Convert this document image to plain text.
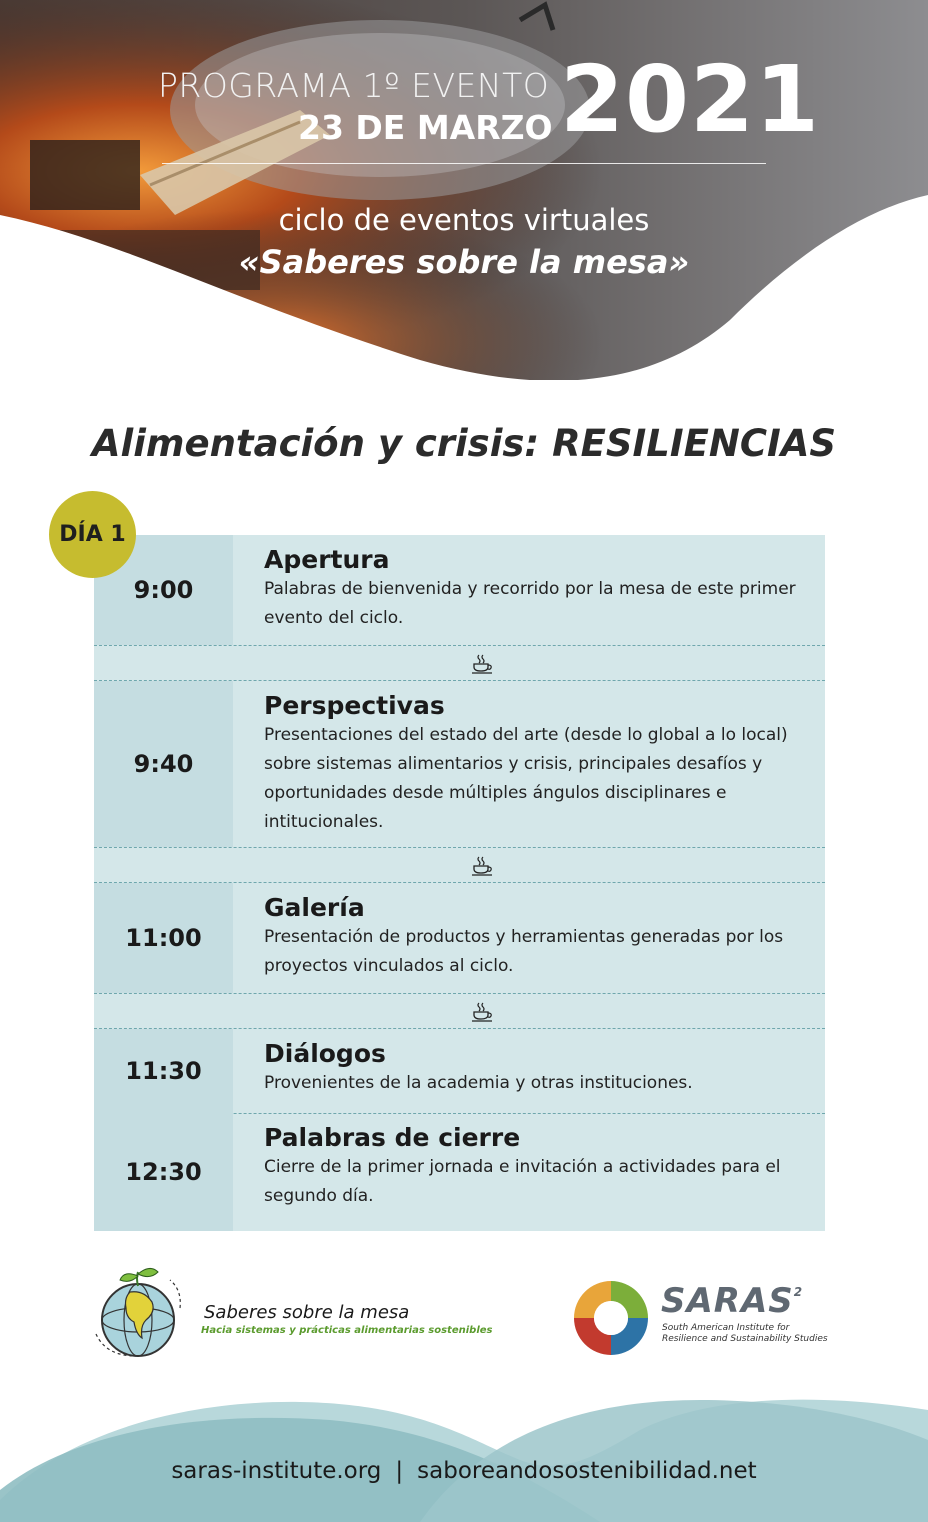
PROGRAMA 1º EVENTO
23 DE MARZO 2021
ciclo de eventos virtuales
«Saberes sobre la mesa»
Alimentación y crisis: RESILIENCIAS
9:00
Apertura
Palabras de bienvenida y recorrido por la mesa de este primer evento del ciclo.
9:40
Perspectivas
Presentaciones del estado del arte (desde lo global a lo local) sobre sistemas alimentarios y crisis, principales desafíos y oportunidades desde múltiples ángulos disciplinares e intitucionales.
11:00
Galería
Presentación de productos y herramientas generadas por los proyectos vinculados al ciclo.
11:30
Diálogos
Provenientes de la academia y otras instituciones.
12:30
Palabras de cierre
Cierre de la primer jornada e invitación a actividades para el segundo día.
DÍA 1
Saberes sobre la mesa
Hacia sistemas y prácticas alimentarias sostenibles
SARAS$^2$
South American Institute for
Resilience and Sustainability Studies
saras-institute.org | saboreandosostenibilidad.net
